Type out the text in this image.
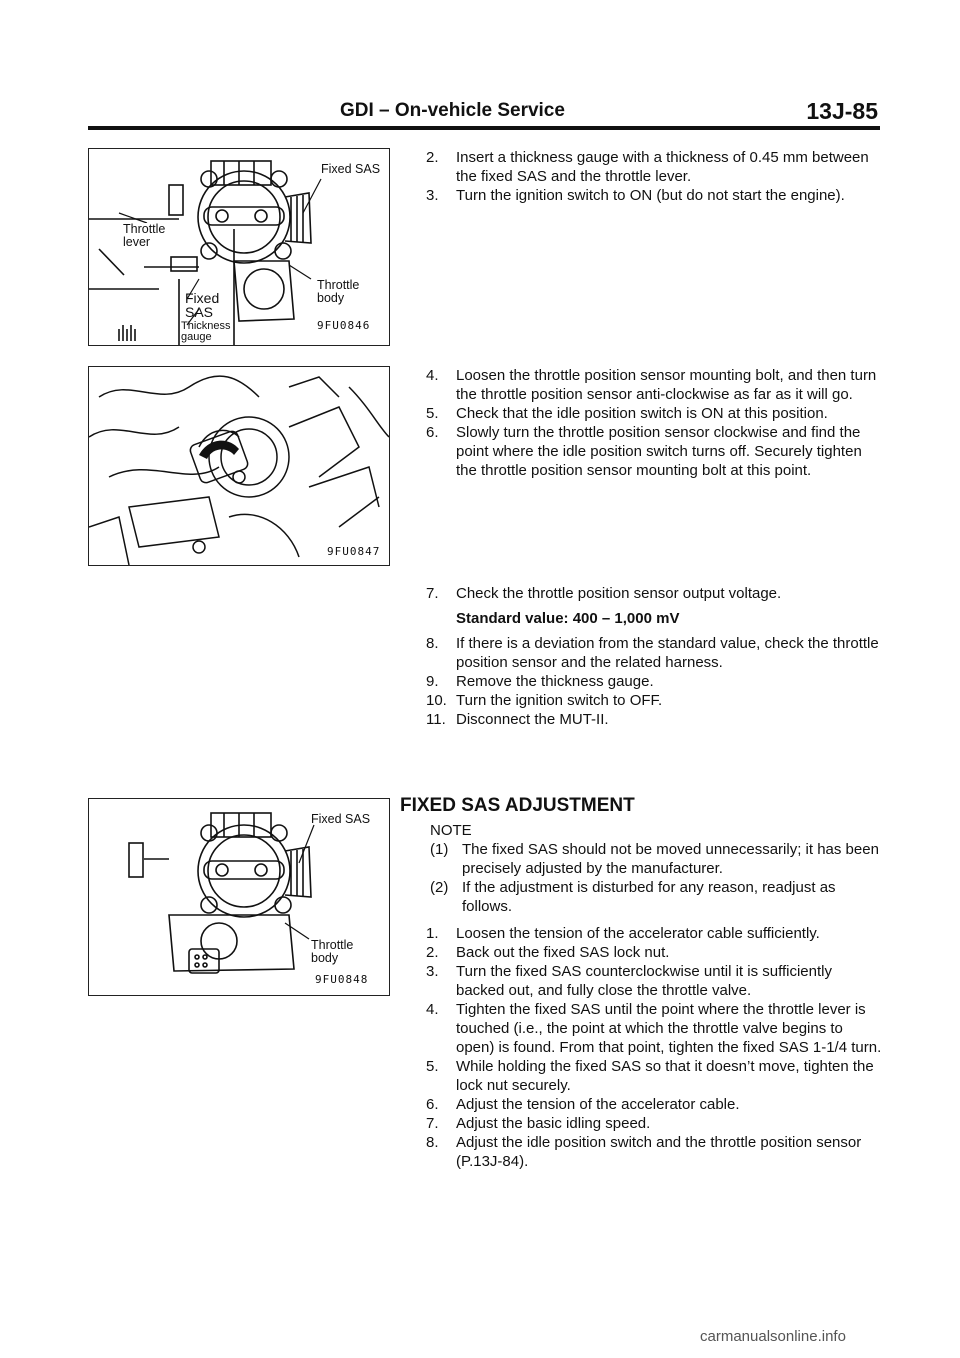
GDI – On-vehicle Service	13J-85
Fixed SAS
Throttle
lever
Throttle
body
Fixed
SAS
Thickness
gauge
9FU0846
9FU0847
Fixed SAS
Throttle
body
9FU0848
2. Insert a thickness gauge with a thickness of 0.45 mm between the fixed SAS and the throttle lever.
3. Turn the ignition switch to ON (but do not start the engine).
4. Loosen the throttle position sensor mounting bolt, and then turn the throttle position sensor anti-clockwise as far as it will go.
5. Check that the idle position switch is ON at this position.
6. Slowly turn the throttle position sensor clockwise and find the point where the idle position switch turns off. Securely tighten the throttle position sensor mounting bolt at this point.
7. Check the throttle position sensor output voltage.
Standard value: 400 – 1,000 mV
8. If there is a deviation from the standard value, check the throttle position sensor and the related harness.
9. Remove the thickness gauge.
10. Turn the ignition switch to OFF.
11. Disconnect the MUT-II.
FIXED SAS ADJUSTMENT
NOTE
(1) The fixed SAS should not be moved unnecessarily; it has been precisely adjusted by the manufacturer.
(2) If the adjustment is disturbed for any reason, readjust as follows.
1. Loosen the tension of the accelerator cable sufficiently.
2. Back out the fixed SAS lock nut.
3. Turn the fixed SAS counterclockwise until it is sufficiently backed out, and fully close the throttle valve.
4. Tighten the fixed SAS until the point where the throttle lever is touched (i.e., the point at which the throttle valve begins to open) is found. From that point, tighten the fixed SAS 1-1/4 turn.
5. While holding the fixed SAS so that it doesn’t move, tighten the lock nut securely.
6. Adjust the tension of the accelerator cable.
7. Adjust the basic idling speed.
8. Adjust the idle position switch and the throttle position sensor (P.13J-84).
carmanualsonline.info
